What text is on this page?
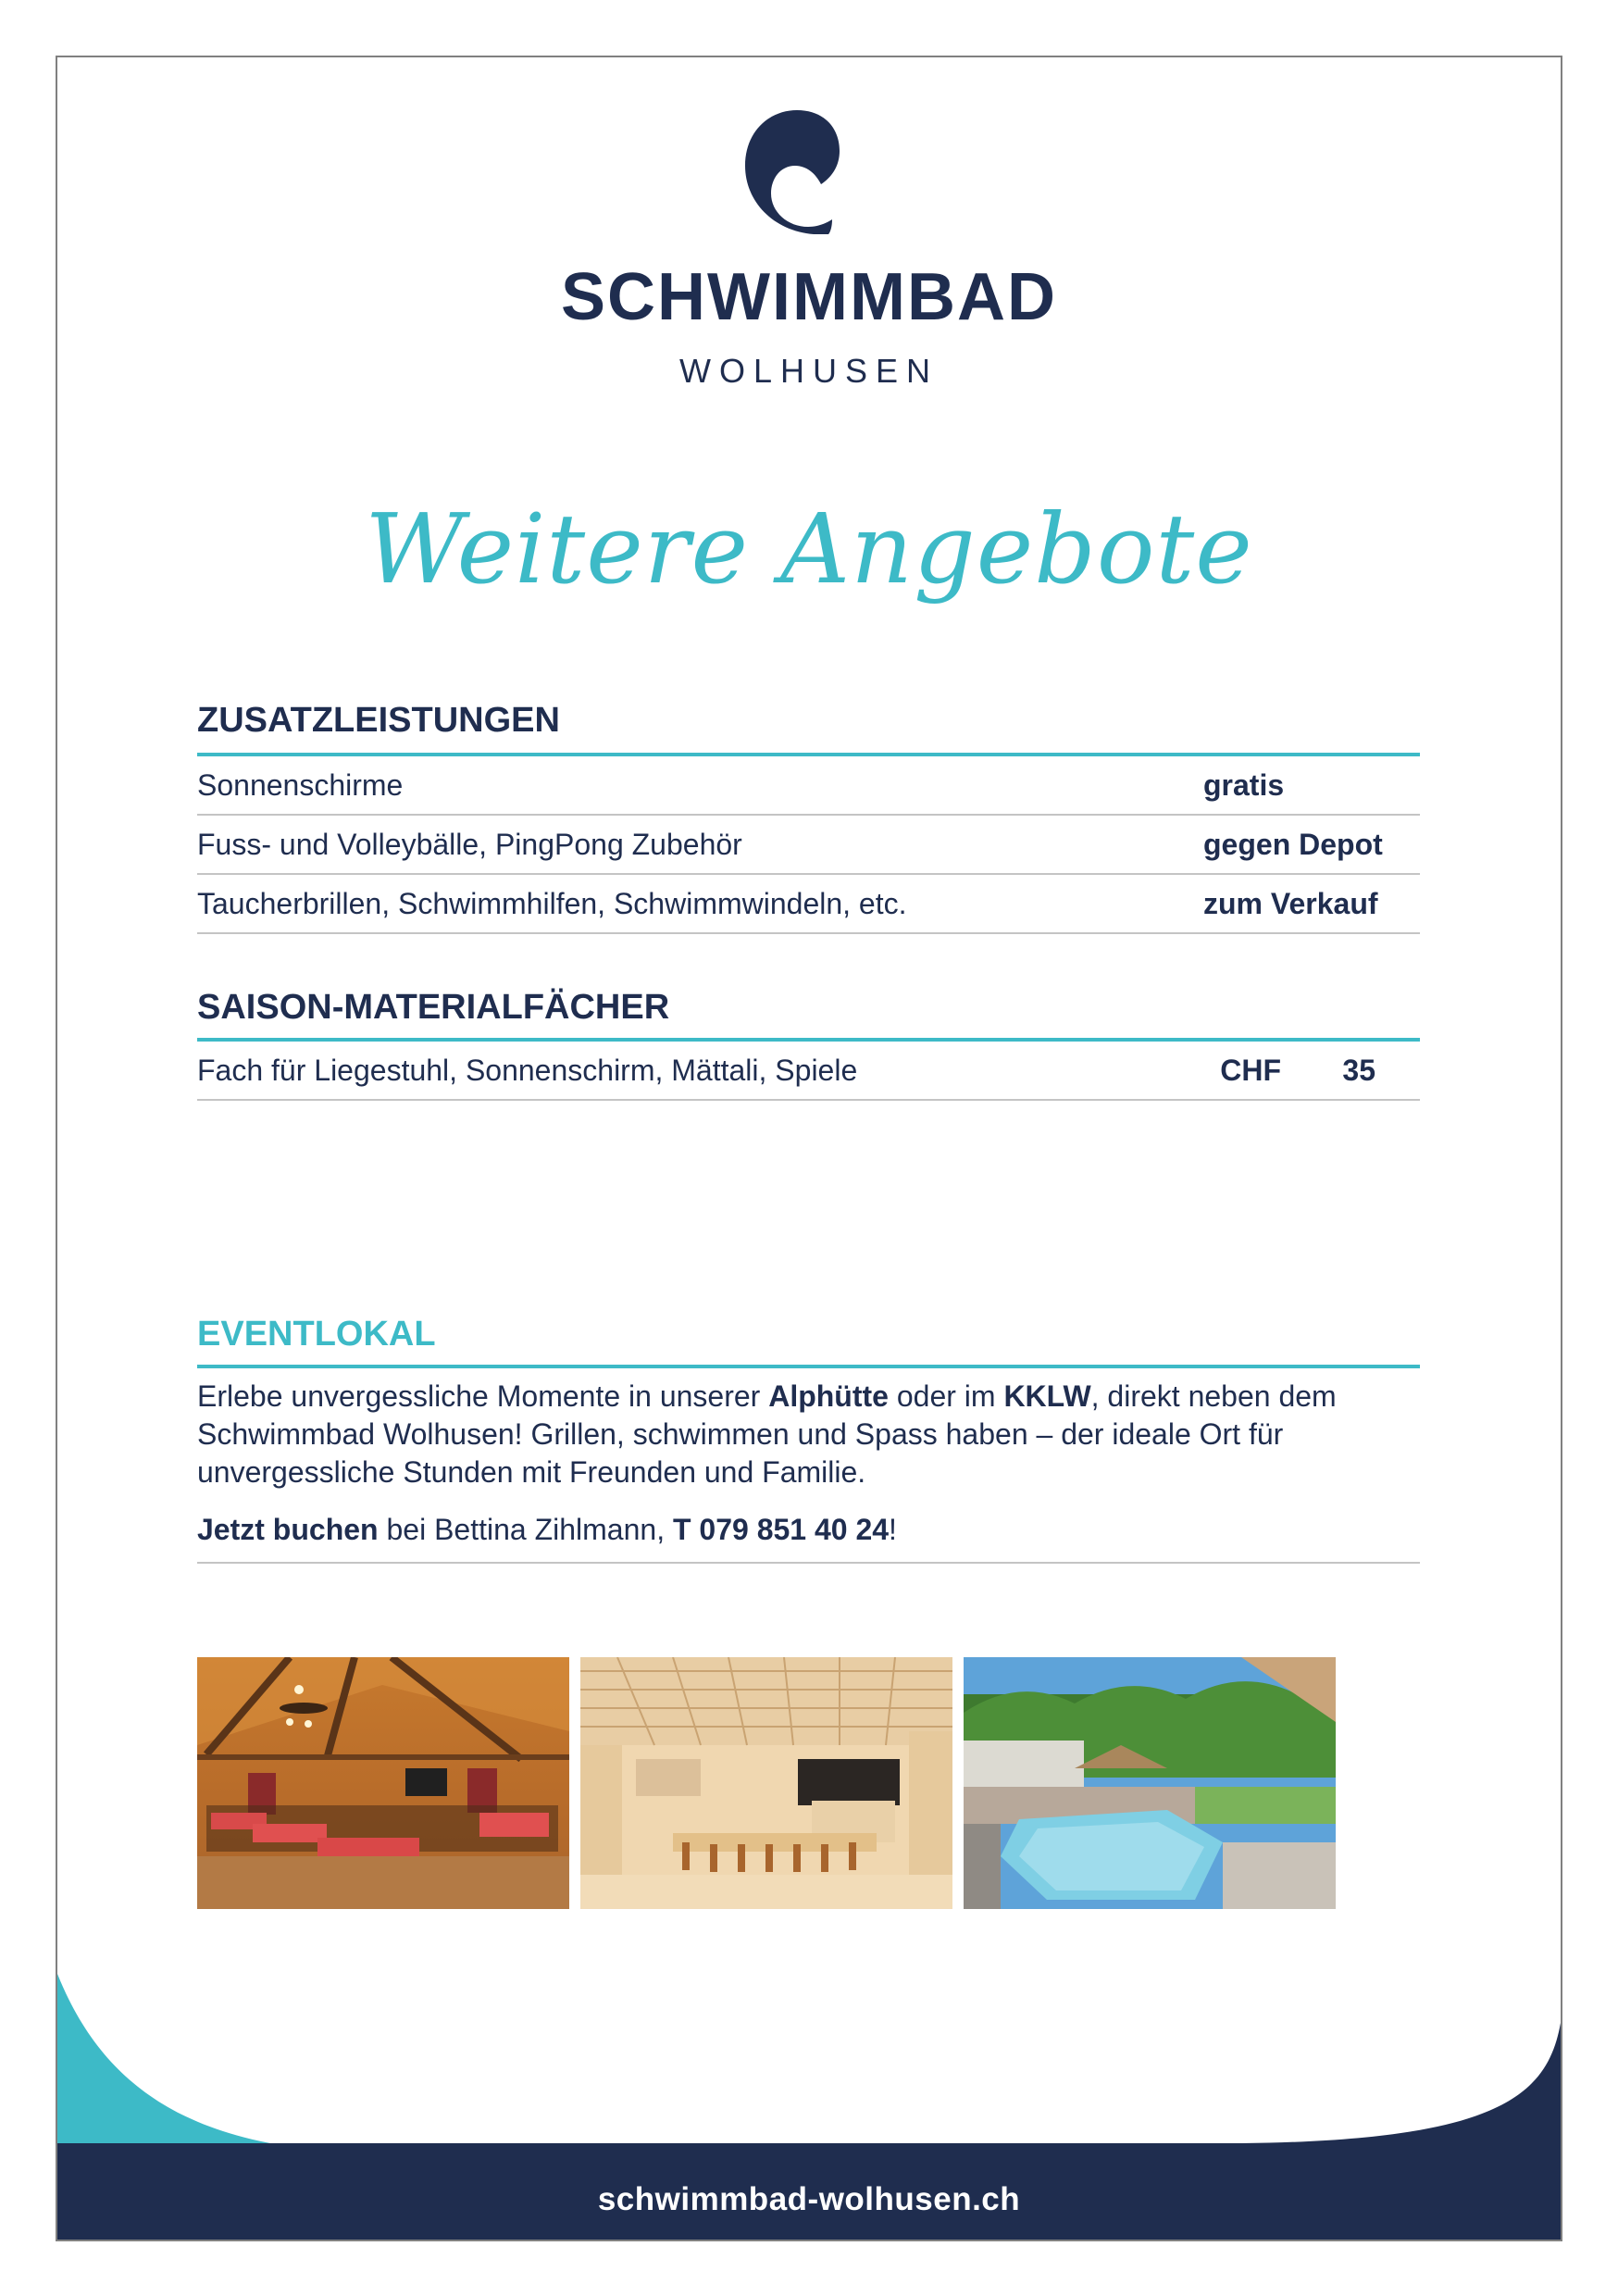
SCHWIMMBAD
WOLHUSEN
Weitere Angebote
ZUSATZLEISTUNGEN
Sonnenschirme	gratis
Fuss- und Volleybälle, PingPong Zubehör	gegen Depot
Taucherbrillen, Schwimmhilfen, Schwimmwindeln, etc.	zum Verkauf
SAISON-MATERIALFÄCHER
Fach für Liegestuhl, Sonnenschirm, Mättali, Spiele	CHF	35
EVENTLOKAL
Erlebe unvergessliche Momente in unserer Alphütte oder im KKLW, direkt neben dem Schwimmbad Wolhusen! Grillen, schwimmen und Spass haben – der ideale Ort für unvergessliche Stunden mit Freunden und Familie.
Jetzt buchen bei Bettina Zihlmann, T 079 851 40 24!
schwimmbad-wolhusen.ch
